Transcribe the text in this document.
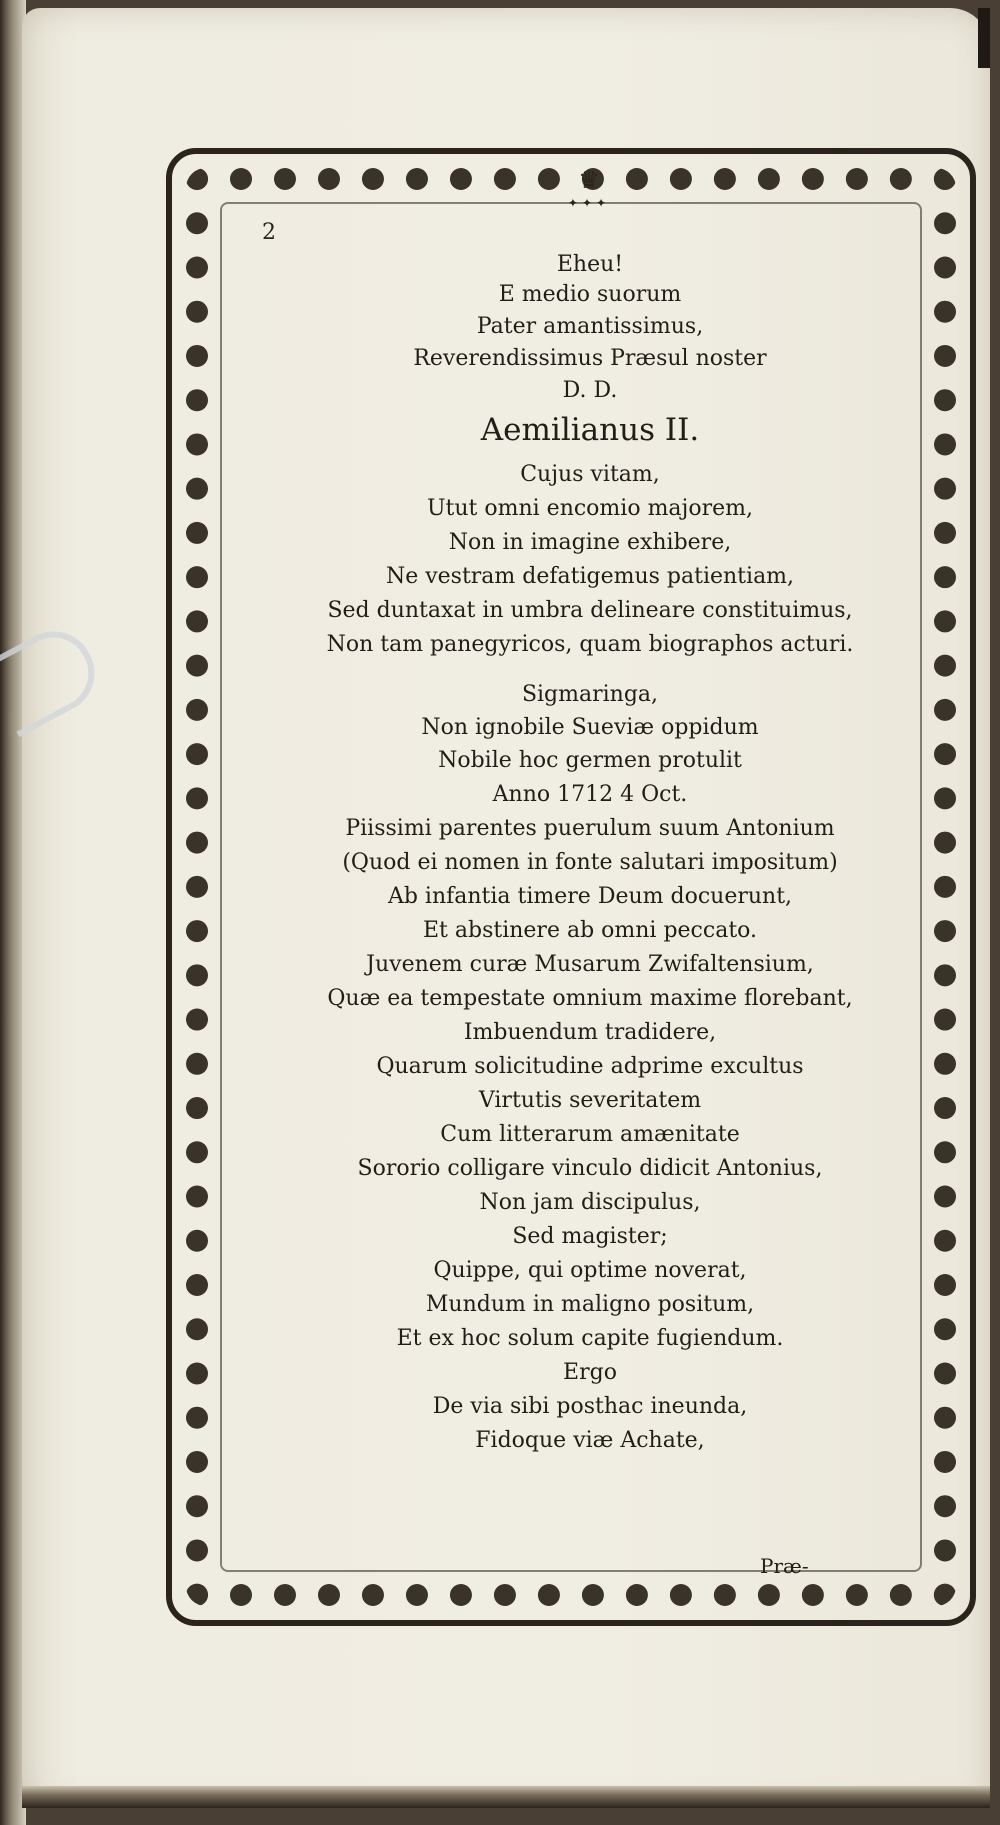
♛
✦✦✦
2
Eheu!
E medio suorum
Pater amantissimus,
Reverendissimus Præsul noster
D. D.
Aemilianus II.
Cujus vitam,
Utut omni encomio majorem,
Non in imagine exhibere,
Ne vestram defatigemus patientiam,
Sed duntaxat in umbra delineare constituimus,
Non tam panegyricos, quam biographos acturi.
Sigmaringa,
Non ignobile Sueviæ oppidum
Nobile hoc germen protulit
Anno 1712 4 Oct.
Piissimi parentes puerulum suum Antonium
(Quod ei nomen in fonte salutari impositum)
Ab infantia timere Deum docuerunt,
Et abstinere ab omni peccato.
Juvenem curæ Musarum Zwifaltensium,
Quæ ea tempestate omnium maxime florebant,
Imbuendum tradidere,
Quarum solicitudine adprime excultus
Virtutis severitatem
Cum litterarum amænitate
Sororio colligare vinculo didicit Antonius,
Non jam discipulus,
Sed magister;
Quippe, qui optime noverat,
Mundum in maligno positum,
Et ex hoc solum capite fugiendum.
Ergo
De via sibi posthac ineunda,
Fidoque viæ Achate,
Præ-
